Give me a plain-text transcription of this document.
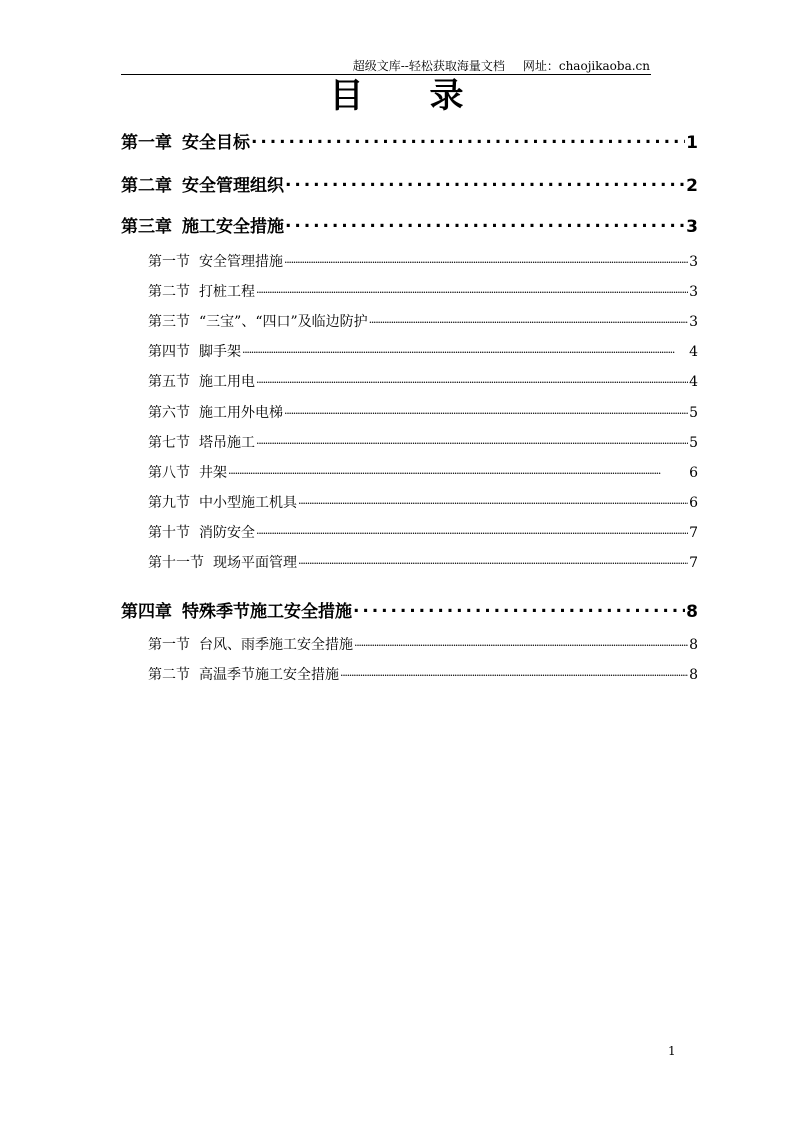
超级文库--轻松获取海量文档 网址：chaojikaoba.cn
目录
第一章 安全目标 . . .	1
第二章 安全管理组织 . . .	2
第三章 施工安全措施 . . .	3
第一节 安全管理措施 . . .	3
第二节 打桩工程 . . .	3
第三节 “三宝”、“四口”及临边防护 . . .	3
第四节 脚手架 . . .	4
第五节 施工用电 . . .	4
第六节 施工用外电梯 . . .	5
第七节 塔吊施工 . . .	5
第八节 井架 . . .	6
第九节 中小型施工机具 . . .	6
第十节 消防安全 . . .	7
第十一节 现场平面管理 . . .	7
第四章 特殊季节施工安全措施 . . .	8
第一节 台风、雨季施工安全措施 . . .	8
第二节 高温季节施工安全措施 . . .	8
1
